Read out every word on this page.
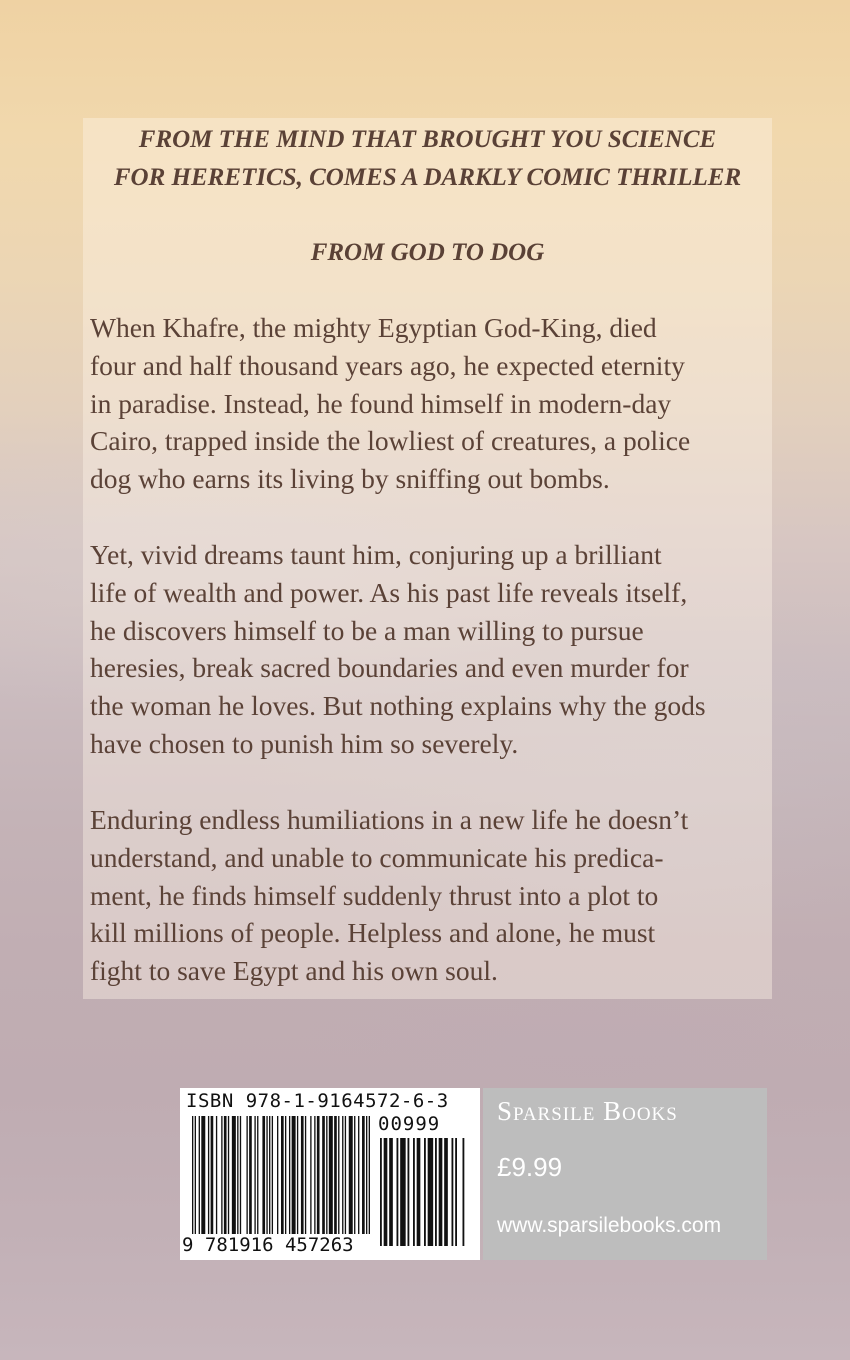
FROM THE MIND THAT BROUGHT YOU SCIENCE
FOR HERETICS, COMES A DARKLY COMIC THRILLER

FROM GOD TO DOG

When Khafre, the mighty Egyptian God-King, died
four and half thousand years ago, he expected eternity
in paradise. Instead, he found himself in modern-day
Cairo, trapped inside the lowliest of creatures, a police
dog who earns its living by sniffing out bombs.

Yet, vivid dreams taunt him, conjuring up a brilliant
life of wealth and power. As his past life reveals itself,
he discovers himself to be a man willing to pursue
heresies, break sacred boundaries and even murder for
the woman he loves. But nothing explains why the gods
have chosen to punish him so severely.

Enduring endless humiliations in a new life he doesn’t
understand, and unable to communicate his predica-
ment, he finds himself suddenly thrust into a plot to
kill millions of people. Helpless and alone, he must
fight to save Egypt and his own soul.

ISBN 978-1-9164572-6-3
00999
9 781916 457263
Sparsile Books
£9.99
www.sparsilebooks.com
